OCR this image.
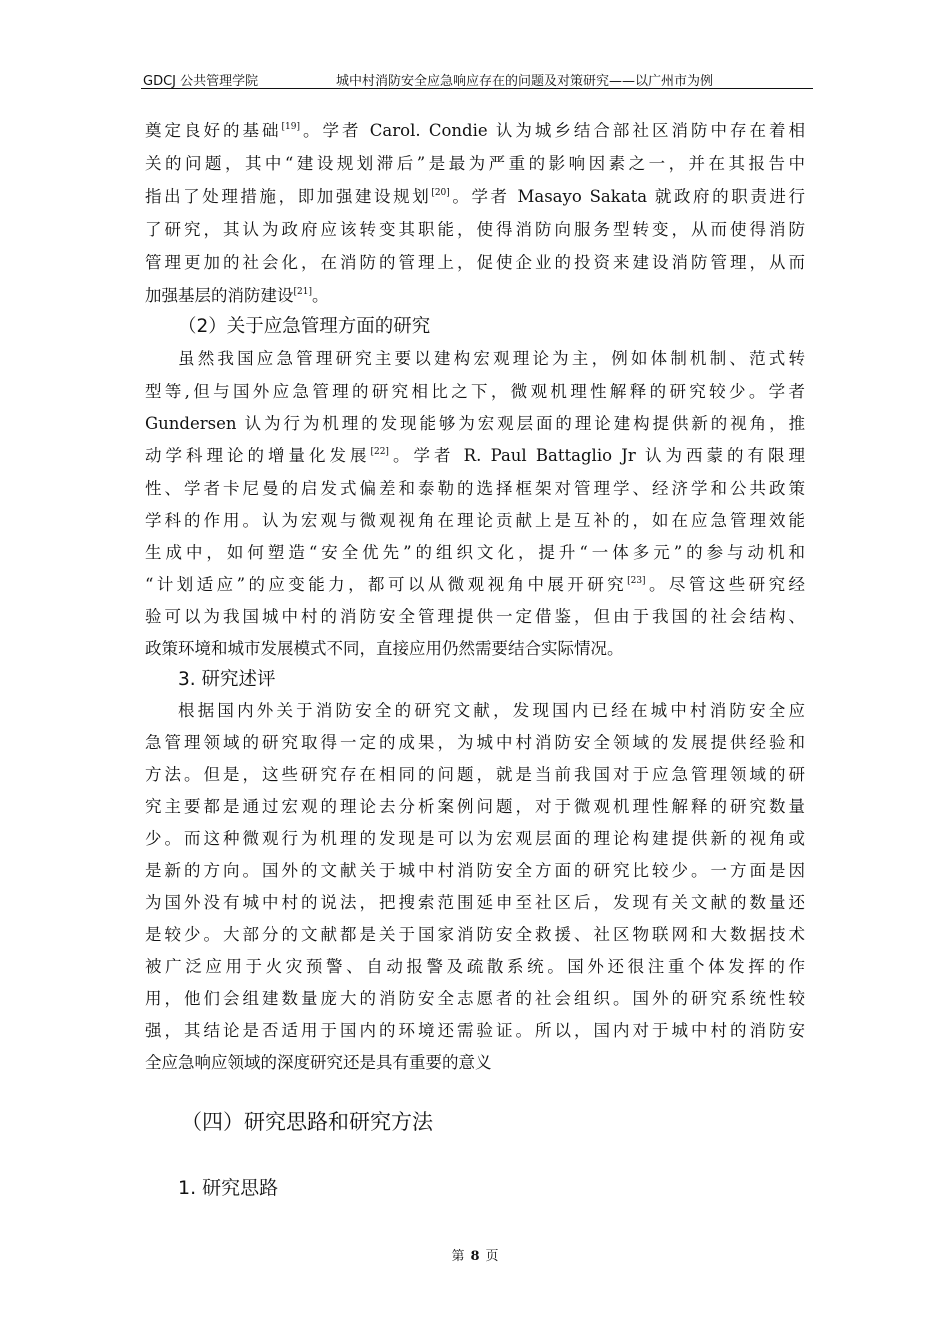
GDCJ 公共管理学院	城中村消防安全应急响应存在的问题及对策研究——以广州市为例
奠定良好的基础[19]。学者 Carol. Condie 认为城乡结合部社区消防中存在着相
关的问题，其中“建设规划滞后”是最为严重的影响因素之一，并在其报告中
指出了处理措施，即加强建设规划[20]。学者 Masayo Sakata 就政府的职责进行
了研究，其认为政府应该转变其职能，使得消防向服务型转变，从而使得消防
管理更加的社会化，在消防的管理上，促使企业的投资来建设消防管理，从而
加强基层的消防建设[21]。
（2）关于应急管理方面的研究
虽然我国应急管理研究主要以建构宏观理论为主，例如体制机制、范式转
型等,但与国外应急管理的研究相比之下，微观机理性解释的研究较少。学者
Gundersen 认为行为机理的发现能够为宏观层面的理论建构提供新的视角，推
动学科理论的增量化发展[22]。学者 R. Paul Battaglio Jr 认为西蒙的有限理
性、学者卡尼曼的启发式偏差和泰勒的选择框架对管理学、经济学和公共政策
学科的作用。认为宏观与微观视角在理论贡献上是互补的，如在应急管理效能
生成中，如何塑造“安全优先”的组织文化，提升“一体多元”的参与动机和
“计划适应”的应变能力，都可以从微观视角中展开研究[23]。尽管这些研究经
验可以为我国城中村的消防安全管理提供一定借鉴，但由于我国的社会结构、
政策环境和城市发展模式不同，直接应用仍然需要结合实际情况。
3. 研究述评
根据国内外关于消防安全的研究文献，发现国内已经在城中村消防安全应
急管理领域的研究取得一定的成果，为城中村消防安全领域的发展提供经验和
方法。但是，这些研究存在相同的问题，就是当前我国对于应急管理领域的研
究主要都是通过宏观的理论去分析案例问题，对于微观机理性解释的研究数量
少。而这种微观行为机理的发现是可以为宏观层面的理论构建提供新的视角或
是新的方向。国外的文献关于城中村消防安全方面的研究比较少。一方面是因
为国外没有城中村的说法，把搜索范围延申至社区后，发现有关文献的数量还
是较少。大部分的文献都是关于国家消防安全救援、社区物联网和大数据技术
被广泛应用于火灾预警、自动报警及疏散系统。国外还很注重个体发挥的作
用，他们会组建数量庞大的消防安全志愿者的社会组织。国外的研究系统性较
强，其结论是否适用于国内的环境还需验证。所以，国内对于城中村的消防安
全应急响应领域的深度研究还是具有重要的意义
（四）研究思路和研究方法
1. 研究思路
第 8 页
